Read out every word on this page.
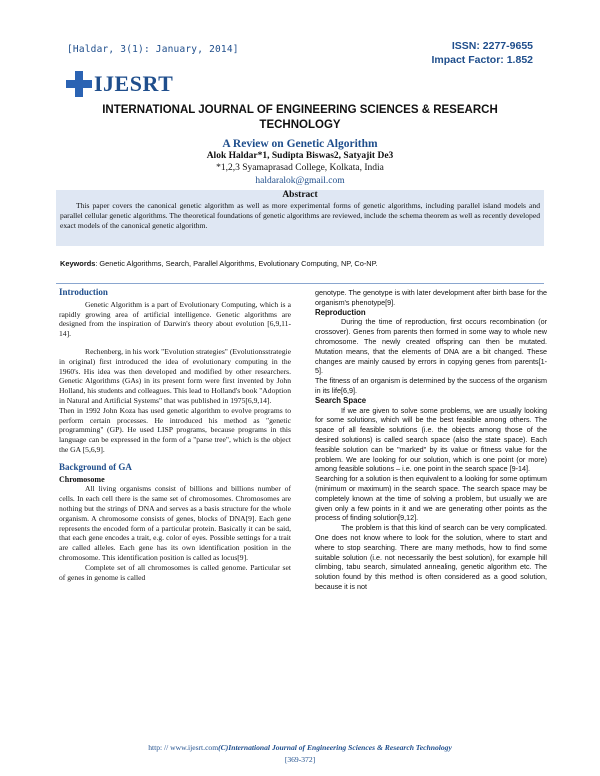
[Haldar, 3(1): January, 2014]	ISSN: 2277-9655
Impact Factor: 1.852
IJESRT
INTERNATIONAL JOURNAL OF ENGINEERING SCIENCES & RESEARCH
TECHNOLOGY
A Review on Genetic Algorithm
Alok Haldar*1, Sudipta Biswas2, Satyajit De3
*1,2,3 Syamaprasad College, Kolkata, India
haldaralok@gmail.com
Abstract
This paper covers the canonical genetic algorithm as well as more experimental forms of genetic algorithms, including parallel island models and parallel cellular genetic algorithms. The theoretical foundations of genetic algorithms are reviewed, include the schema theorem as well as recently developed exact models of the canonical genetic algorithm.
Keywords: Genetic Algorithms, Search, Parallel Algorithms, Evolutionary Computing, NP, Co-NP.
Introduction

Genetic Algorithm is a part of Evolutionary Computing, which is a rapidly growing area of artificial intelligence. Genetic algorithms are designed from the inspiration of Darwin's theory about evolution [6,9,11-14].

Rechenberg, in his work "Evolution strategies" (Evolutionsstrategie in original) first introduced the idea of evolutionary computing in the 1960's. His idea was then developed and modified by other researchers. Genetic Algorithms (GAs) in its present form were first invented by John Holland, his students and colleagues. This lead to Holland's book "Adoption in Natural and Artificial Systems" that was published in 1975[6,9,14].

Then in 1992 John Koza has used genetic algorithm to evolve programs to perform certain processes. He introduced his method as "genetic programming" (GP). He used LISP programs, because programs in this language can be expressed in the form of a "parse tree", which is the object the GA [5,6,9].

Background of GA
Chromosome

All living organisms consist of billions and billions number of cells. In each cell there is the same set of chromosomes. Chromosomes are nothing but the strings of DNA and serves as a basis structure for the whole organism. A chromosome consists of genes, blocks of DNA[9]. Each gene represents the encoded form of a particular protein. Basically it can be said, that each gene encodes a trait, e.g. color of eyes. Possible settings for a trait are called alleles. Each gene has its own identification position in the chromosome. This identification position is called as locus[9].

Complete set of all chromosomes is called genome. Particular set of genes in genome is called

genotype. The genotype is with later development after birth base for the organism's phenotype[9].

Reproduction

During the time of reproduction, first occurs recombination (or crossover). Genes from parents then formed in some way to whole new chromosome. The newly created offspring can then be mutated. Mutation means, that the elements of DNA are a bit changed. These changes are mainly caused by errors in copying genes from parents[1-5].

The fitness of an organism is determined by the success of the organism in its life[6,9].

Search Space

If we are given to solve some problems, we are usually looking for some solutions, which will be the best feasible among others. The space of all feasible solutions (i.e. the objects among those of the desired solutions) is called search space (also the state space). Each feasible solution can be "marked" by its value or fitness value for the problem. We are looking for our solution, which is one point (or more) among feasible solutions – i.e. one point in the search space [9-14].

Searching for a solution is then equivalent to a looking for some optimum (minimum or maximum) in the search space. The search space may be completely known at the time of solving a problem, but usually we are given only a few points in it and we are generating other points as the process of finding solution[9,12].

The problem is that this kind of search can be very complicated. One does not know where to look for the solution, where to start and where to stop searching. There are many methods, how to find some suitable solution (i.e. not necessarily the best solution), for example hill climbing, tabu search, simulated annealing, genetic algorithm etc. The solution found by this method is often considered as a good solution, because it is not

http: // www.ijesrt.com(C)International Journal of Engineering Sciences & Research Technology
[369-372]
